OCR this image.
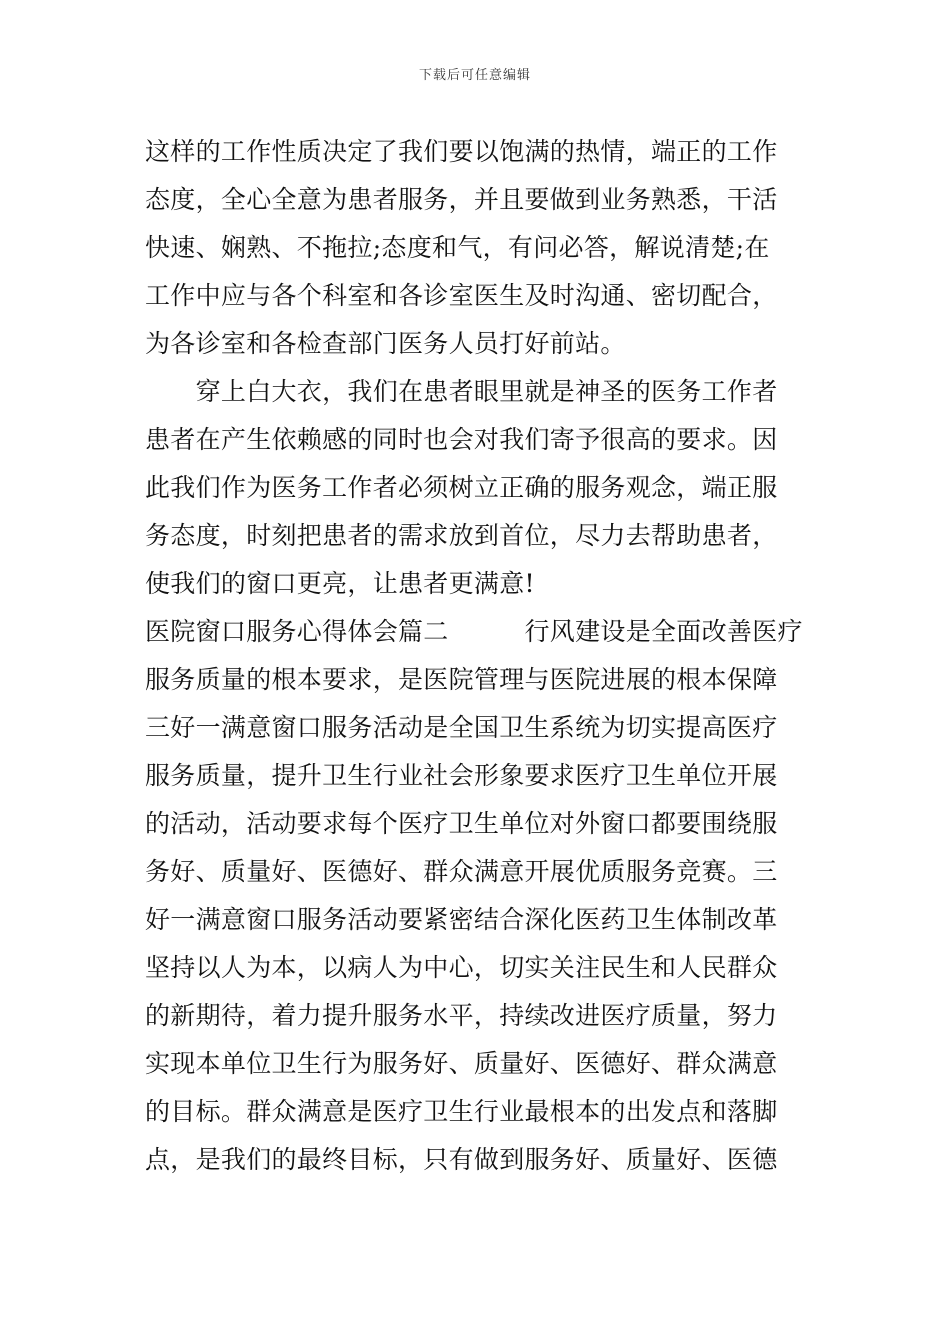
下载后可任意编辑
这样的工作性质决定了我们要以饱满的热情，端正的工作
态度，全心全意为患者服务，并且要做到业务熟悉，干活
快速、娴熟、不拖拉;态度和气，有问必答，解说清楚;在
工作中应与各个科室和各诊室医生及时沟通、密切配合，
为各诊室和各检查部门医务人员打好前站。
　　穿上白大衣，我们在患者眼里就是神圣的医务工作者
患者在产生依赖感的同时也会对我们寄予很高的要求。因
此我们作为医务工作者必须树立正确的服务观念，端正服
务态度，时刻把患者的需求放到首位，尽力去帮助患者，
使我们的窗口更亮，让患者更满意!
医院窗口服务心得体会篇二　　　行风建设是全面改善医疗
服务质量的根本要求，是医院管理与医院进展的根本保障
三好一满意窗口服务活动是全国卫生系统为切实提高医疗
服务质量，提升卫生行业社会形象要求医疗卫生单位开展
的活动，活动要求每个医疗卫生单位对外窗口都要围绕服
务好、质量好、医德好、群众满意开展优质服务竞赛。三
好一满意窗口服务活动要紧密结合深化医药卫生体制改革
坚持以人为本，以病人为中心，切实关注民生和人民群众
的新期待，着力提升服务水平，持续改进医疗质量，努力
实现本单位卫生行为服务好、质量好、医德好、群众满意
的目标。群众满意是医疗卫生行业最根本的出发点和落脚
点，是我们的最终目标，只有做到服务好、质量好、医德
